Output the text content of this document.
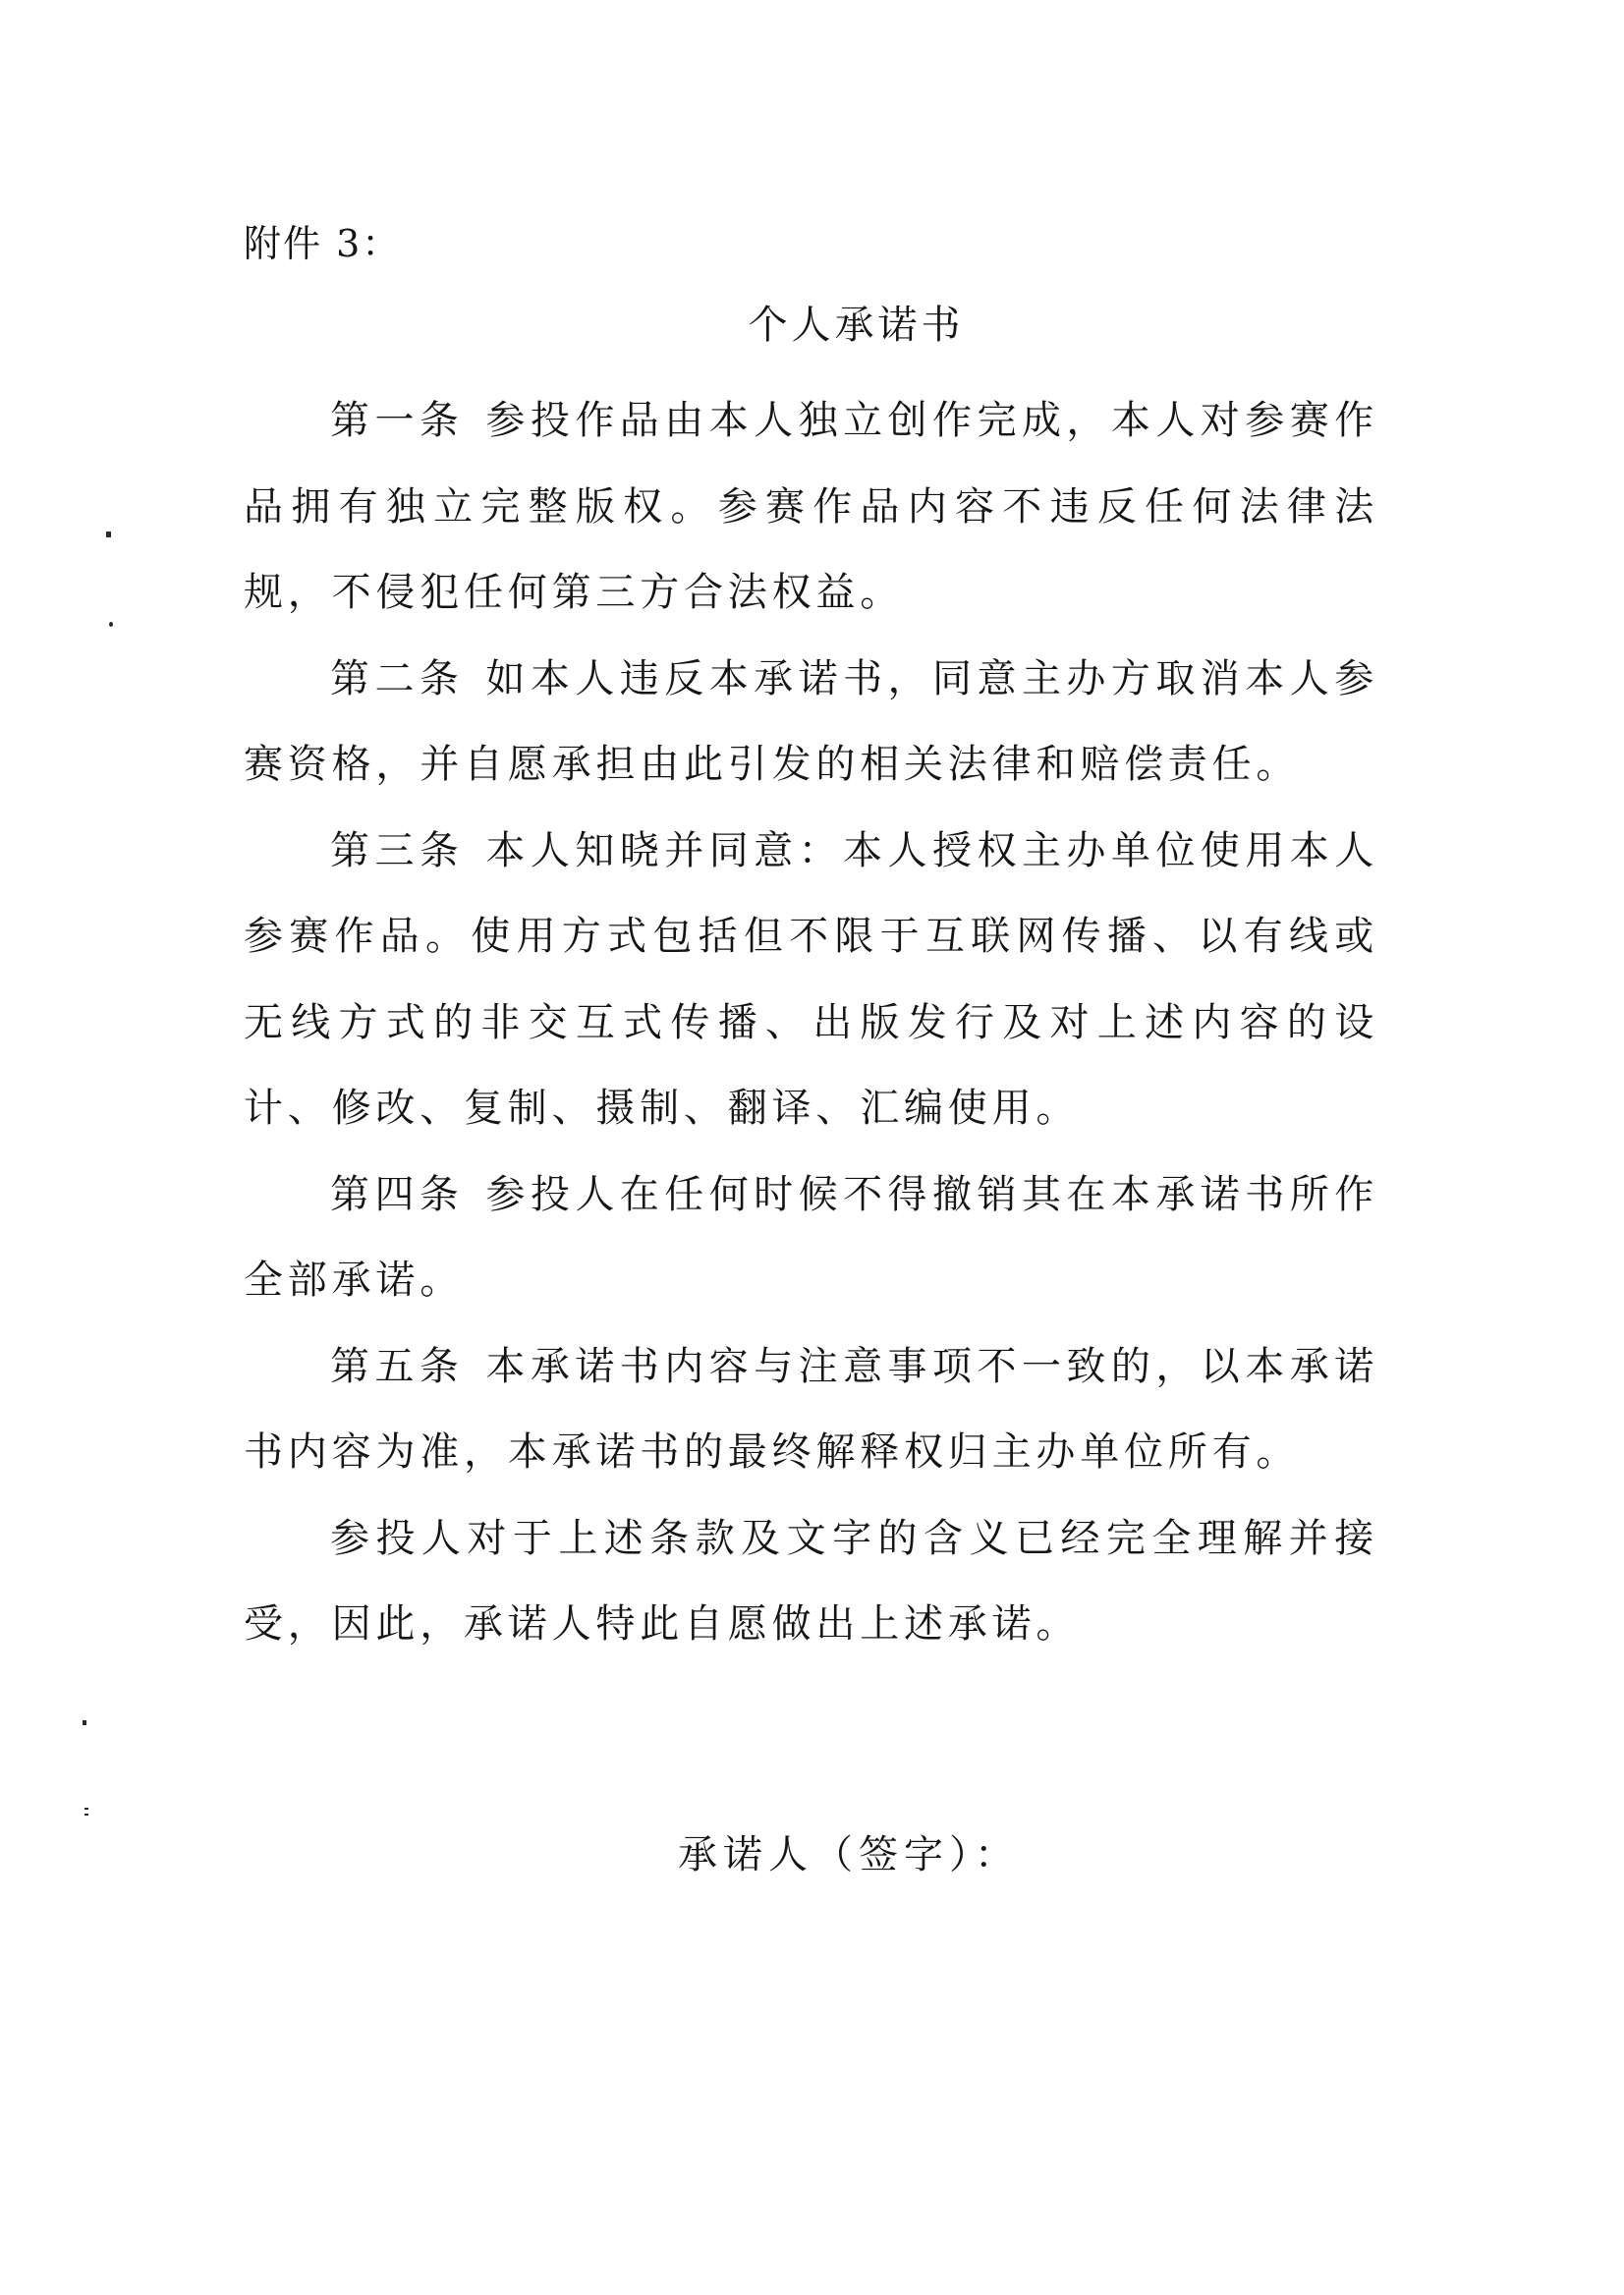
附件 3：
个人承诺书

第一条 参投作品由本人独立创作完成，本人对参赛作品拥有独立完整版权。参赛作品内容不违反任何法律法规，不侵犯任何第三方合法权益。

第二条 如本人违反本承诺书，同意主办方取消本人参赛资格，并自愿承担由此引发的相关法律和赔偿责任。

第三条 本人知晓并同意：本人授权主办单位使用本人参赛作品。使用方式包括但不限于互联网传播、以有线或无线方式的非交互式传播、出版发行及对上述内容的设计、修改、复制、摄制、翻译、汇编使用。

第四条 参投人在任何时候不得撤销其在本承诺书所作全部承诺。

第五条 本承诺书内容与注意事项不一致的，以本承诺书内容为准，本承诺书的最终解释权归主办单位所有。

参投人对于上述条款及文字的含义已经完全理解并接受，因此，承诺人特此自愿做出上述承诺。

承诺人（签字）：
